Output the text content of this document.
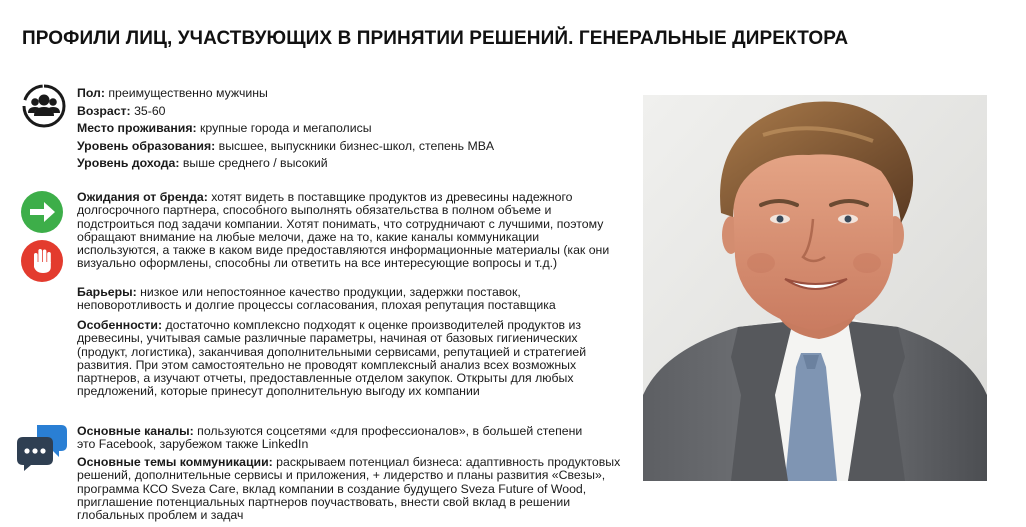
ПРОФИЛИ ЛИЦ, УЧАСТВУЮЩИХ В ПРИНЯТИИ РЕШЕНИЙ. ГЕНЕРАЛЬНЫЕ ДИРЕКТОРА
Пол: преимущественно мужчины
Возраст: 35-60
Место проживания: крупные города и мегаполисы
Уровень образования: высшее, выпускники бизнес-школ, степень MBA
Уровень дохода: выше среднего / высокий
Ожидания от бренда: хотят видеть в поставщике продуктов из древесины надежного долгосрочного партнера, способного выполнять обязательства в полном объеме и подстроиться под задачи компании. Хотят понимать, что сотрудничают с лучшими, поэтому обращают внимание на любые мелочи, даже на то, какие каналы коммуникации используются, а также в каком виде предоставляются информационные материалы (как они визуально оформлены, способны ли ответить на все интересующие вопросы и т.д.)
Барьеры: низкое или непостоянное качество продукции, задержки поставок, неповоротливость и долгие процессы согласования, плохая репутация поставщика
Особенности: достаточно комплексно подходят к оценке производителей продуктов из древесины, учитывая самые различные параметры, начиная от базовых гигиенических (продукт, логистика), заканчивая дополнительными сервисами, репутацией и стратегией развития. При этом самостоятельно не проводят комплексный анализ всех возможных партнеров, а изучают отчеты, предоставленные отделом закупок. Открыты для любых предложений, которые принесут дополнительную выгоду их компании
Основные каналы: пользуются соцсетями «для профессионалов», в большей степени это Facebook, зарубежом также LinkedIn
Основные темы коммуникации: раскрываем потенциал бизнеса: адаптивность продуктовых решений, дополнительные сервисы и приложения, + лидерство и планы развития «Свезы», программа КСО Sveza Care, вклад компании в создание будущего Sveza Future of Wood, приглашение потенциальных партнеров поучаствовать, внести свой вклад в решении глобальных проблем и задач
